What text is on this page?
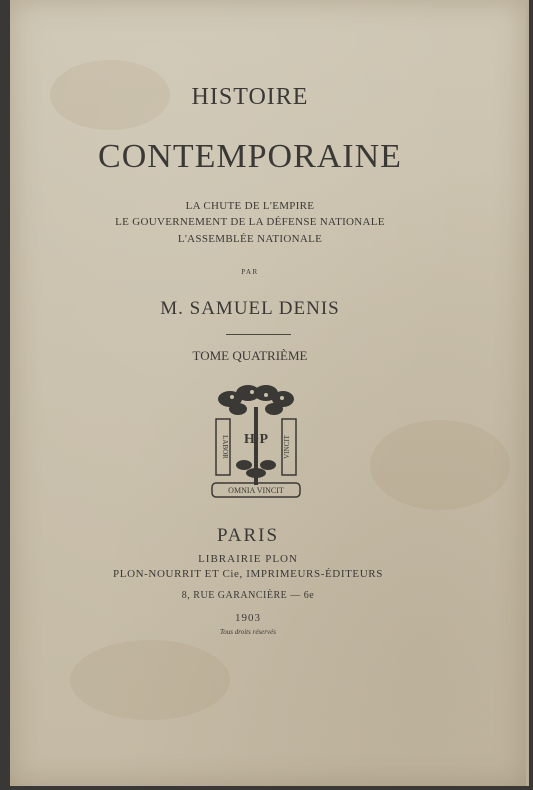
HISTOIRE
CONTEMPORAINE
LA CHUTE DE L'EMPIRE
LE GOUVERNEMENT DE LA DÉFENSE NATIONALE
L'ASSEMBLÉE NATIONALE
PAR
M. SAMUEL DENIS
TOME QUATRIÈME
LABOR	VINCIT
H·P
OMNIA VINCIT
PARIS
LIBRAIRIE PLON
PLON-NOURRIT ET Cie, IMPRIMEURS-ÉDITEURS
8, RUE GARANCIÈRE — 6e
1903
Tous droits réservés
